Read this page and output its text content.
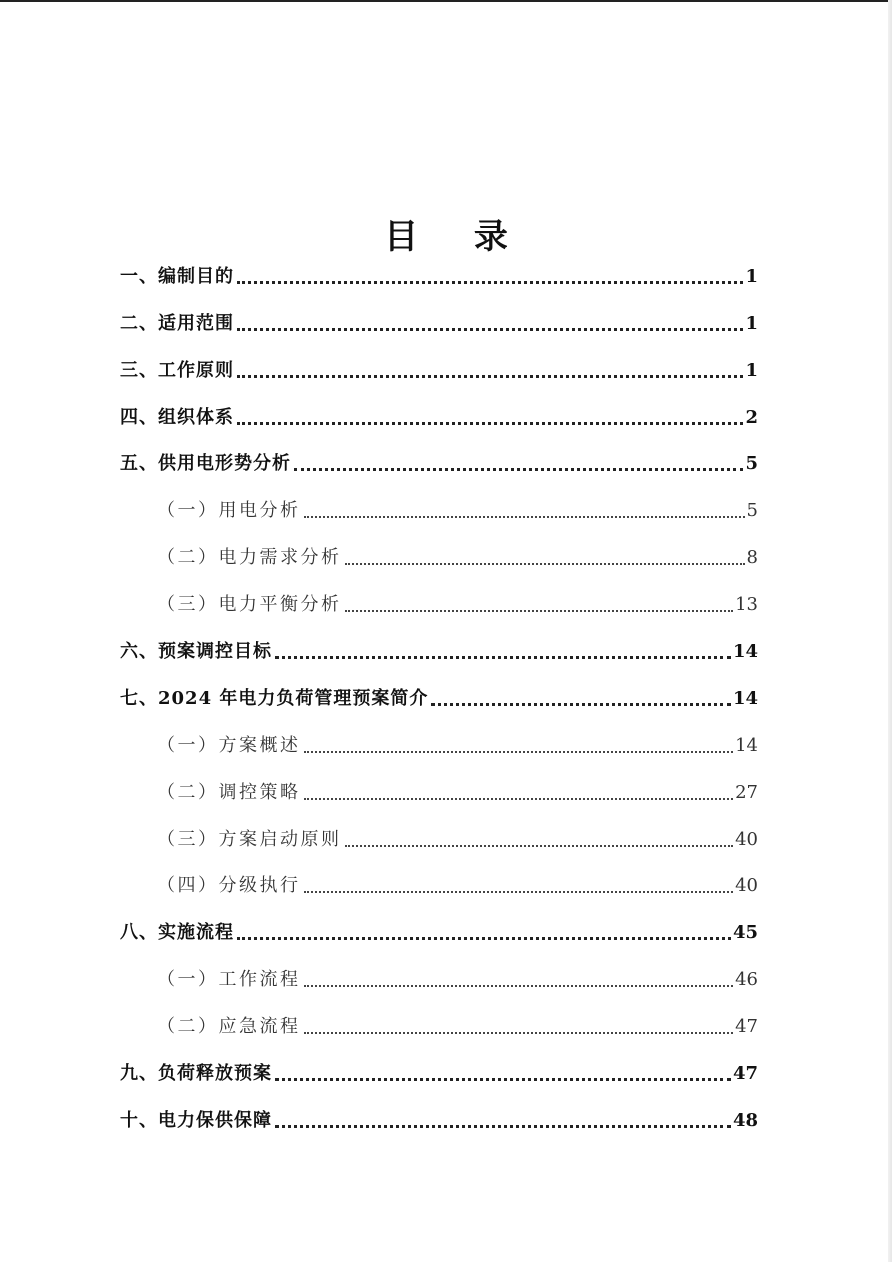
目 录
一、编制目的	1
二、适用范围	1
三、工作原则	1
四、组织体系	2
五、供用电形势分析	5
（一）用电分析	5
（二）电力需求分析	8
（三）电力平衡分析	13
六、预案调控目标	14
七、2024 年电力负荷管理预案简介	14
（一）方案概述	14
（二）调控策略	27
（三）方案启动原则	40
（四）分级执行	40
八、实施流程	45
（一）工作流程	46
（二）应急流程	47
九、负荷释放预案	47
十、电力保供保障	48
